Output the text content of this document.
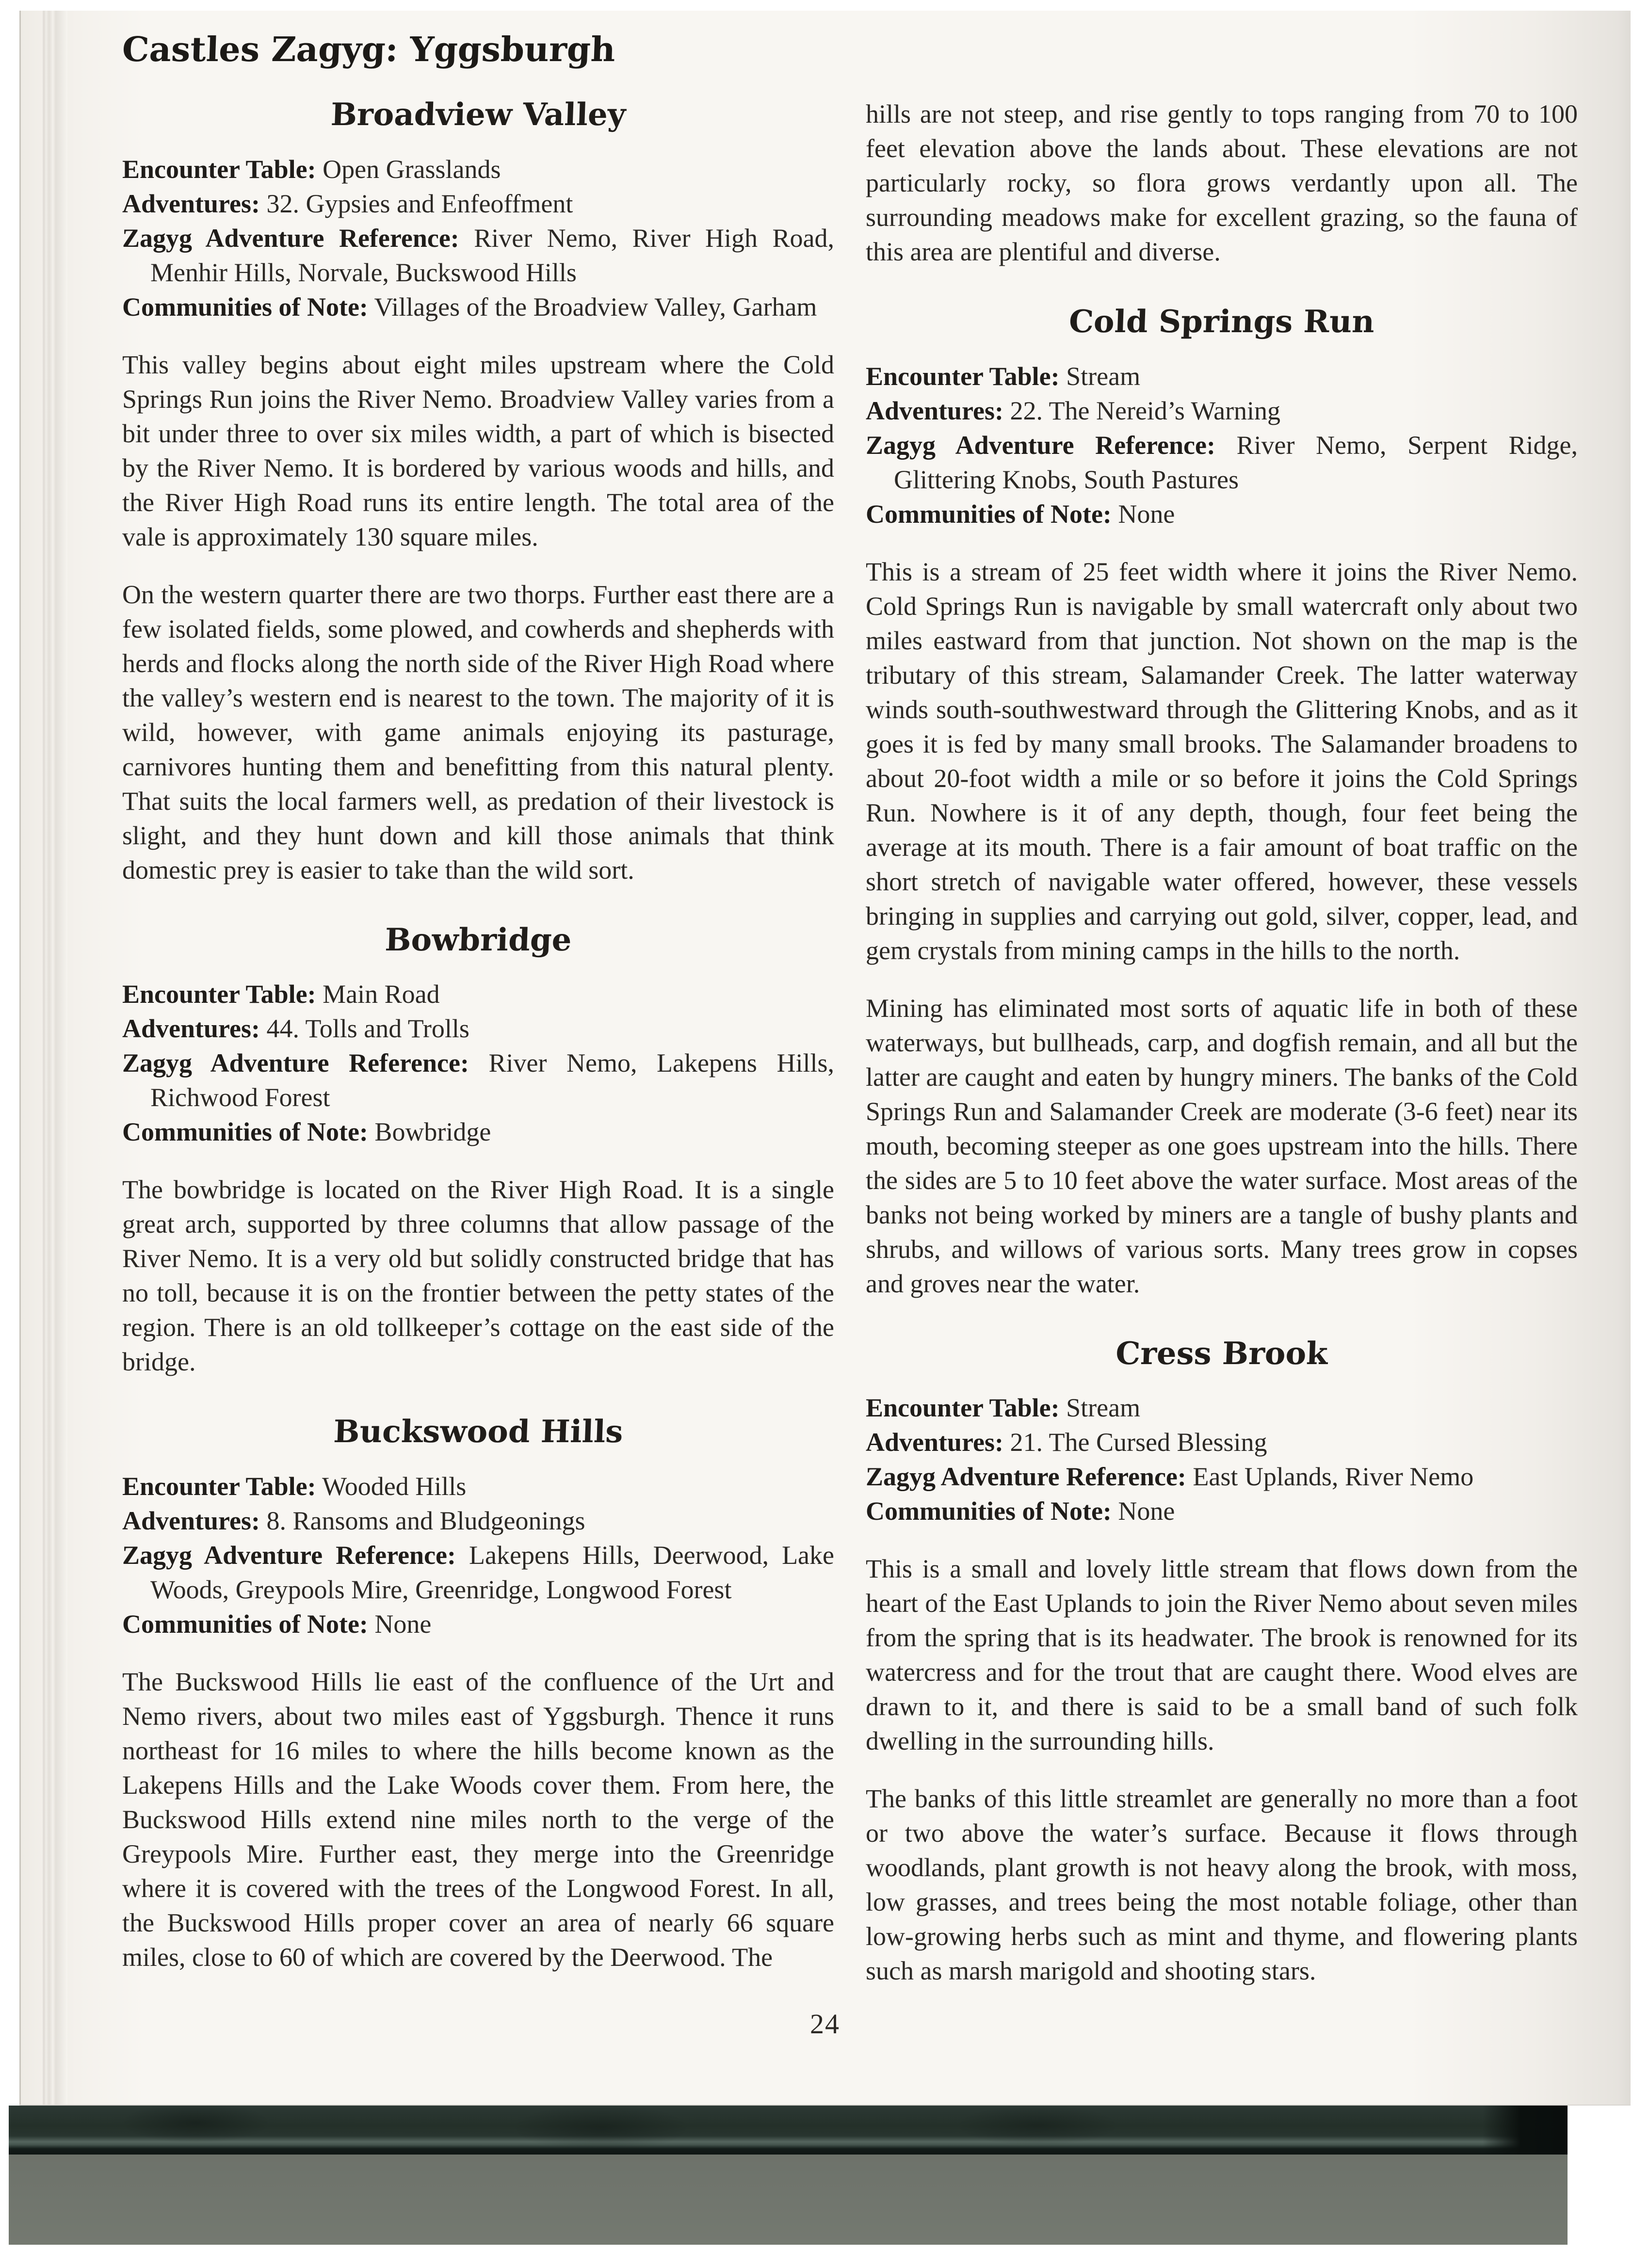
Castles Zagyg: Yggsburgh
Broadview Valley
Encounter Table: Open Grasslands
Adventures: 32. Gypsies and Enfeoffment
Zagyg Adventure Reference: River Nemo, River High Road, Menhir Hills, Norvale, Buckswood Hills
Communities of Note: Villages of the Broadview Valley, Garham

This valley begins about eight miles upstream where the Cold Springs Run joins the River Nemo. Broadview Valley varies from a bit under three to over six miles width, a part of which is bisected by the River Nemo. It is bordered by various woods and hills, and the River High Road runs its entire length. The total area of the vale is approximately 130 square miles.

On the western quarter there are two thorps. Further east there are a few isolated fields, some plowed, and cowherds and shepherds with herds and flocks along the north side of the River High Road where the valley’s western end is nearest to the town. The majority of it is wild, however, with game animals enjoying its pasturage, carnivores hunting them and benefitting from this natural plenty. That suits the local farmers well, as predation of their livestock is slight, and they hunt down and kill those animals that think domestic prey is easier to take than the wild sort.

Bowbridge
Encounter Table: Main Road
Adventures: 44. Tolls and Trolls
Zagyg Adventure Reference: River Nemo, Lakepens Hills, Richwood Forest
Communities of Note: Bowbridge

The bowbridge is located on the River High Road. It is a single great arch, supported by three columns that allow passage of the River Nemo. It is a very old but solidly constructed bridge that has no toll, because it is on the frontier between the petty states of the region. There is an old tollkeeper’s cottage on the east side of the bridge.

Buckswood Hills
Encounter Table: Wooded Hills
Adventures: 8. Ransoms and Bludgeonings
Zagyg Adventure Reference: Lakepens Hills, Deerwood, Lake Woods, Greypools Mire, Greenridge, Longwood Forest
Communities of Note: None

The Buckswood Hills lie east of the confluence of the Urt and Nemo rivers, about two miles east of Yggsburgh. Thence it runs northeast for 16 miles to where the hills become known as the Lakepens Hills and the Lake Woods cover them. From here, the Buckswood Hills extend nine miles north to the verge of the Greypools Mire. Further east, they merge into the Greenridge where it is covered with the trees of the Longwood Forest. In all, the Buckswood Hills proper cover an area of nearly 66 square miles, close to 60 of which are covered by the Deerwood. The

hills are not steep, and rise gently to tops ranging from 70 to 100 feet elevation above the lands about. These elevations are not particularly rocky, so flora grows verdantly upon all. The surrounding meadows make for excellent grazing, so the fauna of this area are plentiful and diverse.

Cold Springs Run
Encounter Table: Stream
Adventures: 22. The Nereid’s Warning
Zagyg Adventure Reference: River Nemo, Serpent Ridge, Glittering Knobs, South Pastures
Communities of Note: None

This is a stream of 25 feet width where it joins the River Nemo. Cold Springs Run is navigable by small watercraft only about two miles eastward from that junction. Not shown on the map is the tributary of this stream, Salamander Creek. The latter waterway winds south-southwestward through the Glittering Knobs, and as it goes it is fed by many small brooks. The Salamander broadens to about 20-foot width a mile or so before it joins the Cold Springs Run. Nowhere is it of any depth, though, four feet being the average at its mouth. There is a fair amount of boat traffic on the short stretch of navigable water offered, however, these vessels bringing in supplies and carrying out gold, silver, copper, lead, and gem crystals from mining camps in the hills to the north.

Mining has eliminated most sorts of aquatic life in both of these waterways, but bullheads, carp, and dogfish remain, and all but the latter are caught and eaten by hungry miners. The banks of the Cold Springs Run and Salamander Creek are moderate (3-6 feet) near its mouth, becoming steeper as one goes upstream into the hills. There the sides are 5 to 10 feet above the water surface. Most areas of the banks not being worked by miners are a tangle of bushy plants and shrubs, and willows of various sorts. Many trees grow in copses and groves near the water.

Cress Brook
Encounter Table: Stream
Adventures: 21. The Cursed Blessing
Zagyg Adventure Reference: East Uplands, River Nemo
Communities of Note: None

This is a small and lovely little stream that flows down from the heart of the East Uplands to join the River Nemo about seven miles from the spring that is its headwater. The brook is renowned for its watercress and for the trout that are caught there. Wood elves are drawn to it, and there is said to be a small band of such folk dwelling in the surrounding hills.

The banks of this little streamlet are generally no more than a foot or two above the water’s surface. Because it flows through woodlands, plant growth is not heavy along the brook, with moss, low grasses, and trees being the most notable foliage, other than low-growing herbs such as mint and thyme, and flowering plants such as marsh marigold and shooting stars.

24
